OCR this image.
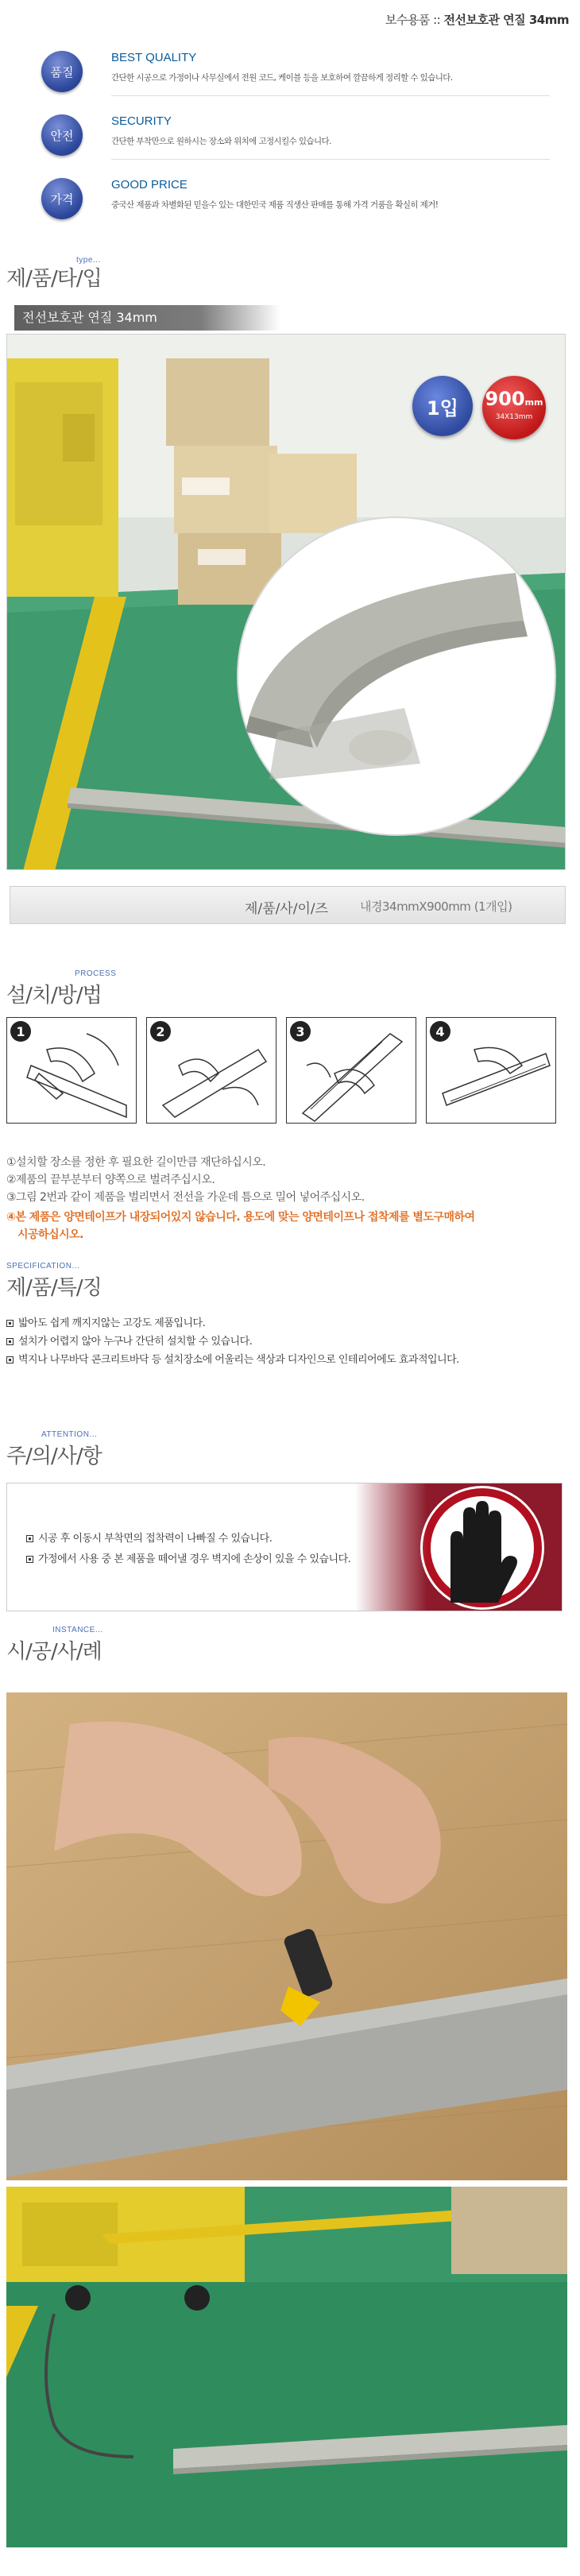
보수용품 :: 전선보호관 연질 34mm
품질
BEST QUALITY
간단한 시공으로 가정이나 사무실에서 전원 코드, 케이블 등을 보호하여 깔끔하게 정리할 수 있습니다.
안전
SECURITY
간단한 부착만으로 원하시는 장소와 위치에 고정시킬수 있습니다.
가격
GOOD PRICE
중국산 제품과 차별화된 믿을수 있는 대한민국 제품 직생산 판매를 통해 가격 거품을 확실히 제거!
type...
제/품/타/입
전선보호관 연질 34mm
1입	900mm
34X13mm
제/품/사/이/즈	내경34mmX900mm (1개입)
PROCESS
설/치/방/법
1	2	3	4
①설치할 장소를 정한 후 필요한 길이만큼 재단하십시오.
②제품의 끝부분부터 양쪽으로 벌려주십시오.
③그림 2번과 같이 제품을 벌리면서 전선을 가운데 틈으로 밀어 넣어주십시오.
④본 제품은 양면테이프가 내장되어있지 않습니다. 용도에 맞는 양면테이프나 접착제를 별도구매하여
시공하십시오.
SPECIFICATION...
제/품/특/징
밟아도 쉽게 깨지지않는 고강도 제품입니다.
설치가 어렵지 않아 누구나 간단히 설치할 수 있습니다.
벽지나 나무바닥 콘크리트바닥 등 설치장소에 어울리는 색상과 디자인으로 인테리어에도 효과적입니다.
ATTENTION...
주/의/사/항
시공 후 이동시 부착면의 접착력이 나빠질 수 있습니다.
가정에서 사용 중 본 제품을 떼어낼 경우 벽지에 손상이 있을 수 있습니다.
INSTANCE...
시/공/사/례
